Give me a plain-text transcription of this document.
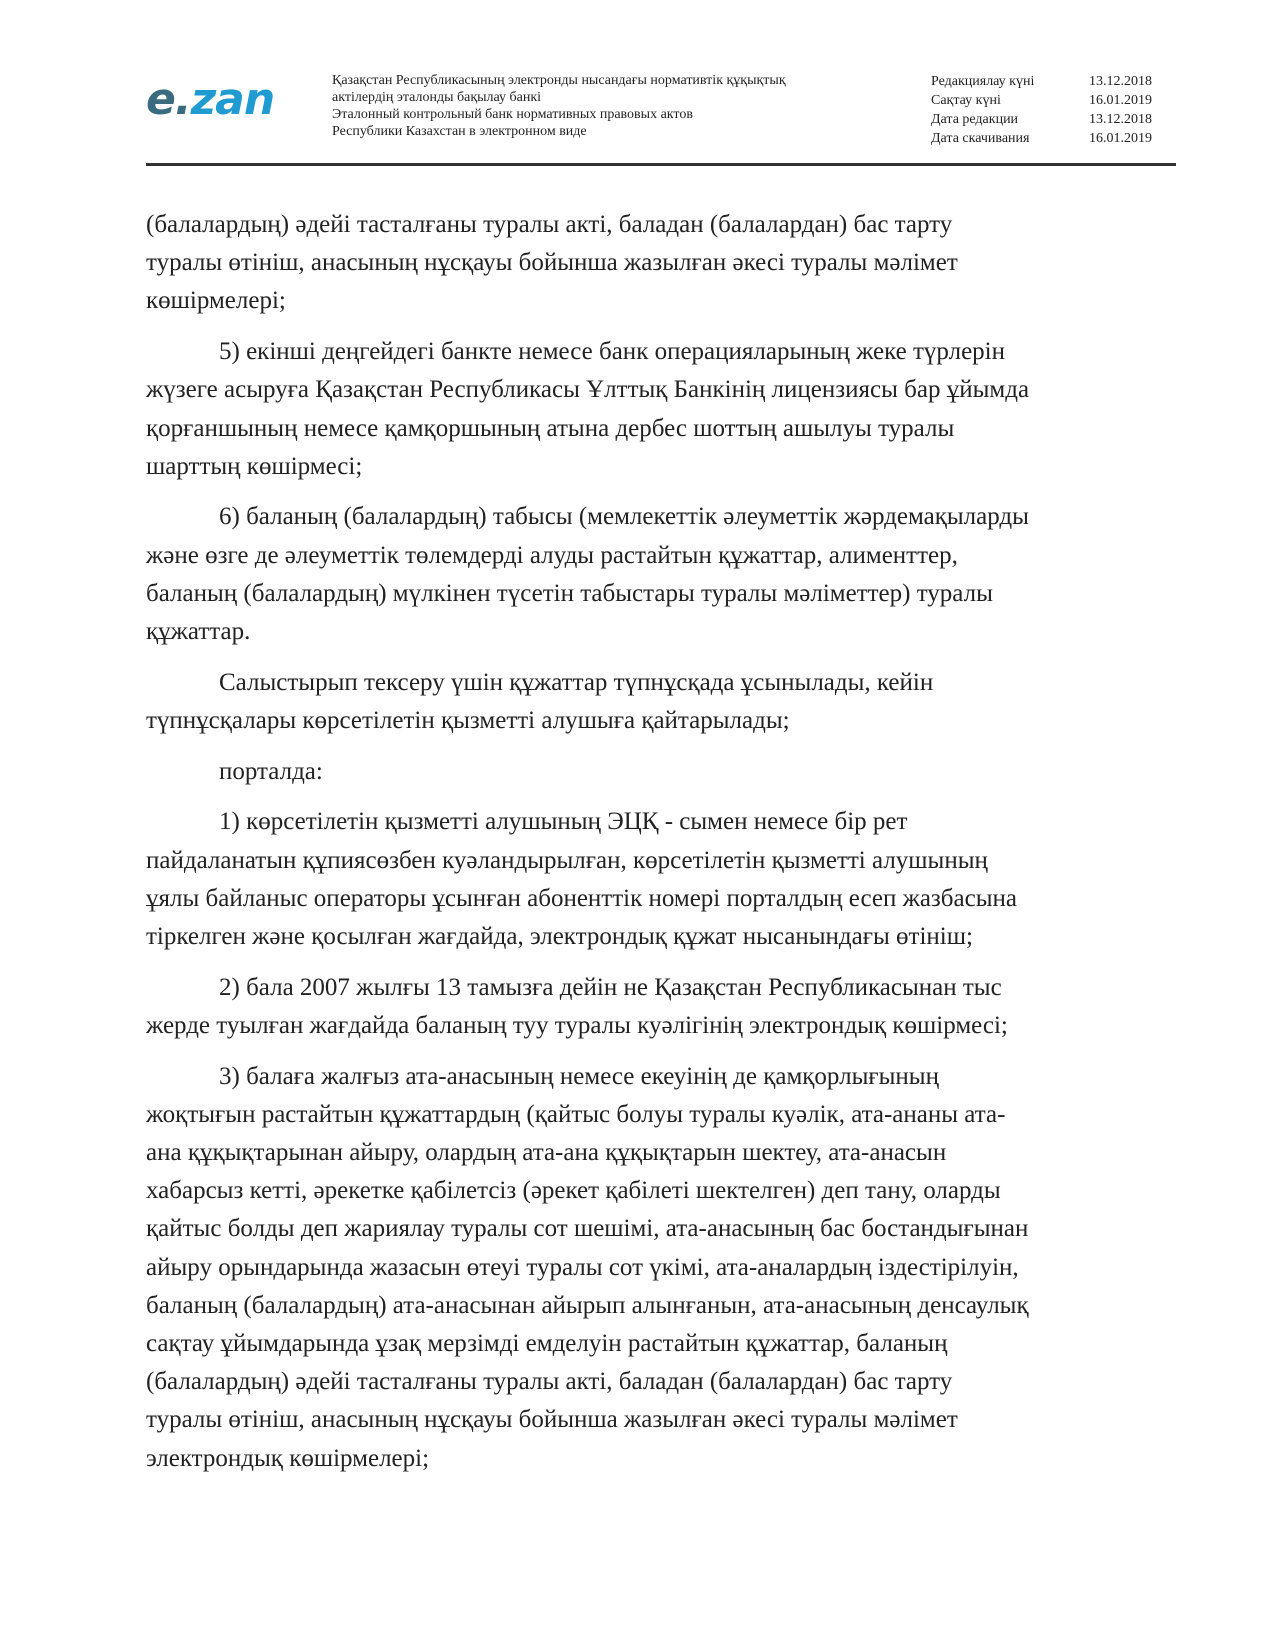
e.zan	Қазақстан Республикасының электронды нысандағы нормативтік құқықтық
актілердің эталонды бақылау банкі
Эталонный контрольный банк нормативных правовых актов
Республики Казахстан в электронном виде
Редакциялау күні	13.12.2018
Сақтау күні	16.01.2019
Дата редакции	13.12.2018
Дата скачивания	16.01.2019

(балалардың) әдейі тасталғаны туралы акті, баладан (балалардан) бас тарту
туралы өтініш, анасының нұсқауы бойынша жазылған әкесі туралы мәлімет
көшірмелері;

5) екінші деңгейдегі банкте немесе банк операцияларының жеке түрлерін
жүзеге асыруға Қазақстан Республикасы Ұлттық Банкінің лицензиясы бар ұйымда
қорғаншының немесе қамқоршының атына дербес шоттың ашылуы туралы
шарттың көшірмесі;

6) баланың (балалардың) табысы (мемлекеттік әлеуметтік жәрдемақыларды
және өзге де әлеуметтік төлемдерді алуды растайтын құжаттар, алименттер,
баланың (балалардың) мүлкінен түсетін табыстары туралы мәліметтер) туралы
құжаттар.

Салыстырып тексеру үшін құжаттар түпнұсқада ұсынылады, кейін
түпнұсқалары көрсетілетін қызметті алушыға қайтарылады;

порталда:

1) көрсетілетін қызметті алушының ЭЦҚ - сымен немесе бір рет
пайдаланатын құпиясөзбен куәландырылған, көрсетілетін қызметті алушының
ұялы байланыс операторы ұсынған абоненттік номері порталдың есеп жазбасына
тіркелген және қосылған жағдайда, электрондық құжат нысанындағы өтініш;

2) бала 2007 жылғы 13 тамызға дейін не Қазақстан Республикасынан тыс
жерде туылған жағдайда баланың туу туралы куәлігінің электрондық көшірмесі;

3) балаға жалғыз ата-анасының немесе екеуінің де қамқорлығының
жоқтығын растайтын құжаттардың (қайтыс болуы туралы куәлік, ата-ананы ата-
ана құқықтарынан айыру, олардың ата-ана құқықтарын шектеу, ата-анасын
хабарсыз кетті, әрекетке қабілетсіз (әрекет қабілеті шектелген) деп тану, оларды
қайтыс болды деп жариялау туралы сот шешімі, ата-анасының бас бостандығынан
айыру орындарында жазасын өтеуі туралы сот үкімі, ата-аналардың іздестірілуін,
баланың (балалардың) ата-анасынан айырып алынғанын, ата-анасының денсаулық
сақтау ұйымдарында ұзақ мерзімді емделуін растайтын құжаттар, баланың
(балалардың) әдейі тасталғаны туралы акті, баладан (балалардан) бас тарту
туралы өтініш, анасының нұсқауы бойынша жазылған әкесі туралы мәлімет
электрондық көшірмелері;
